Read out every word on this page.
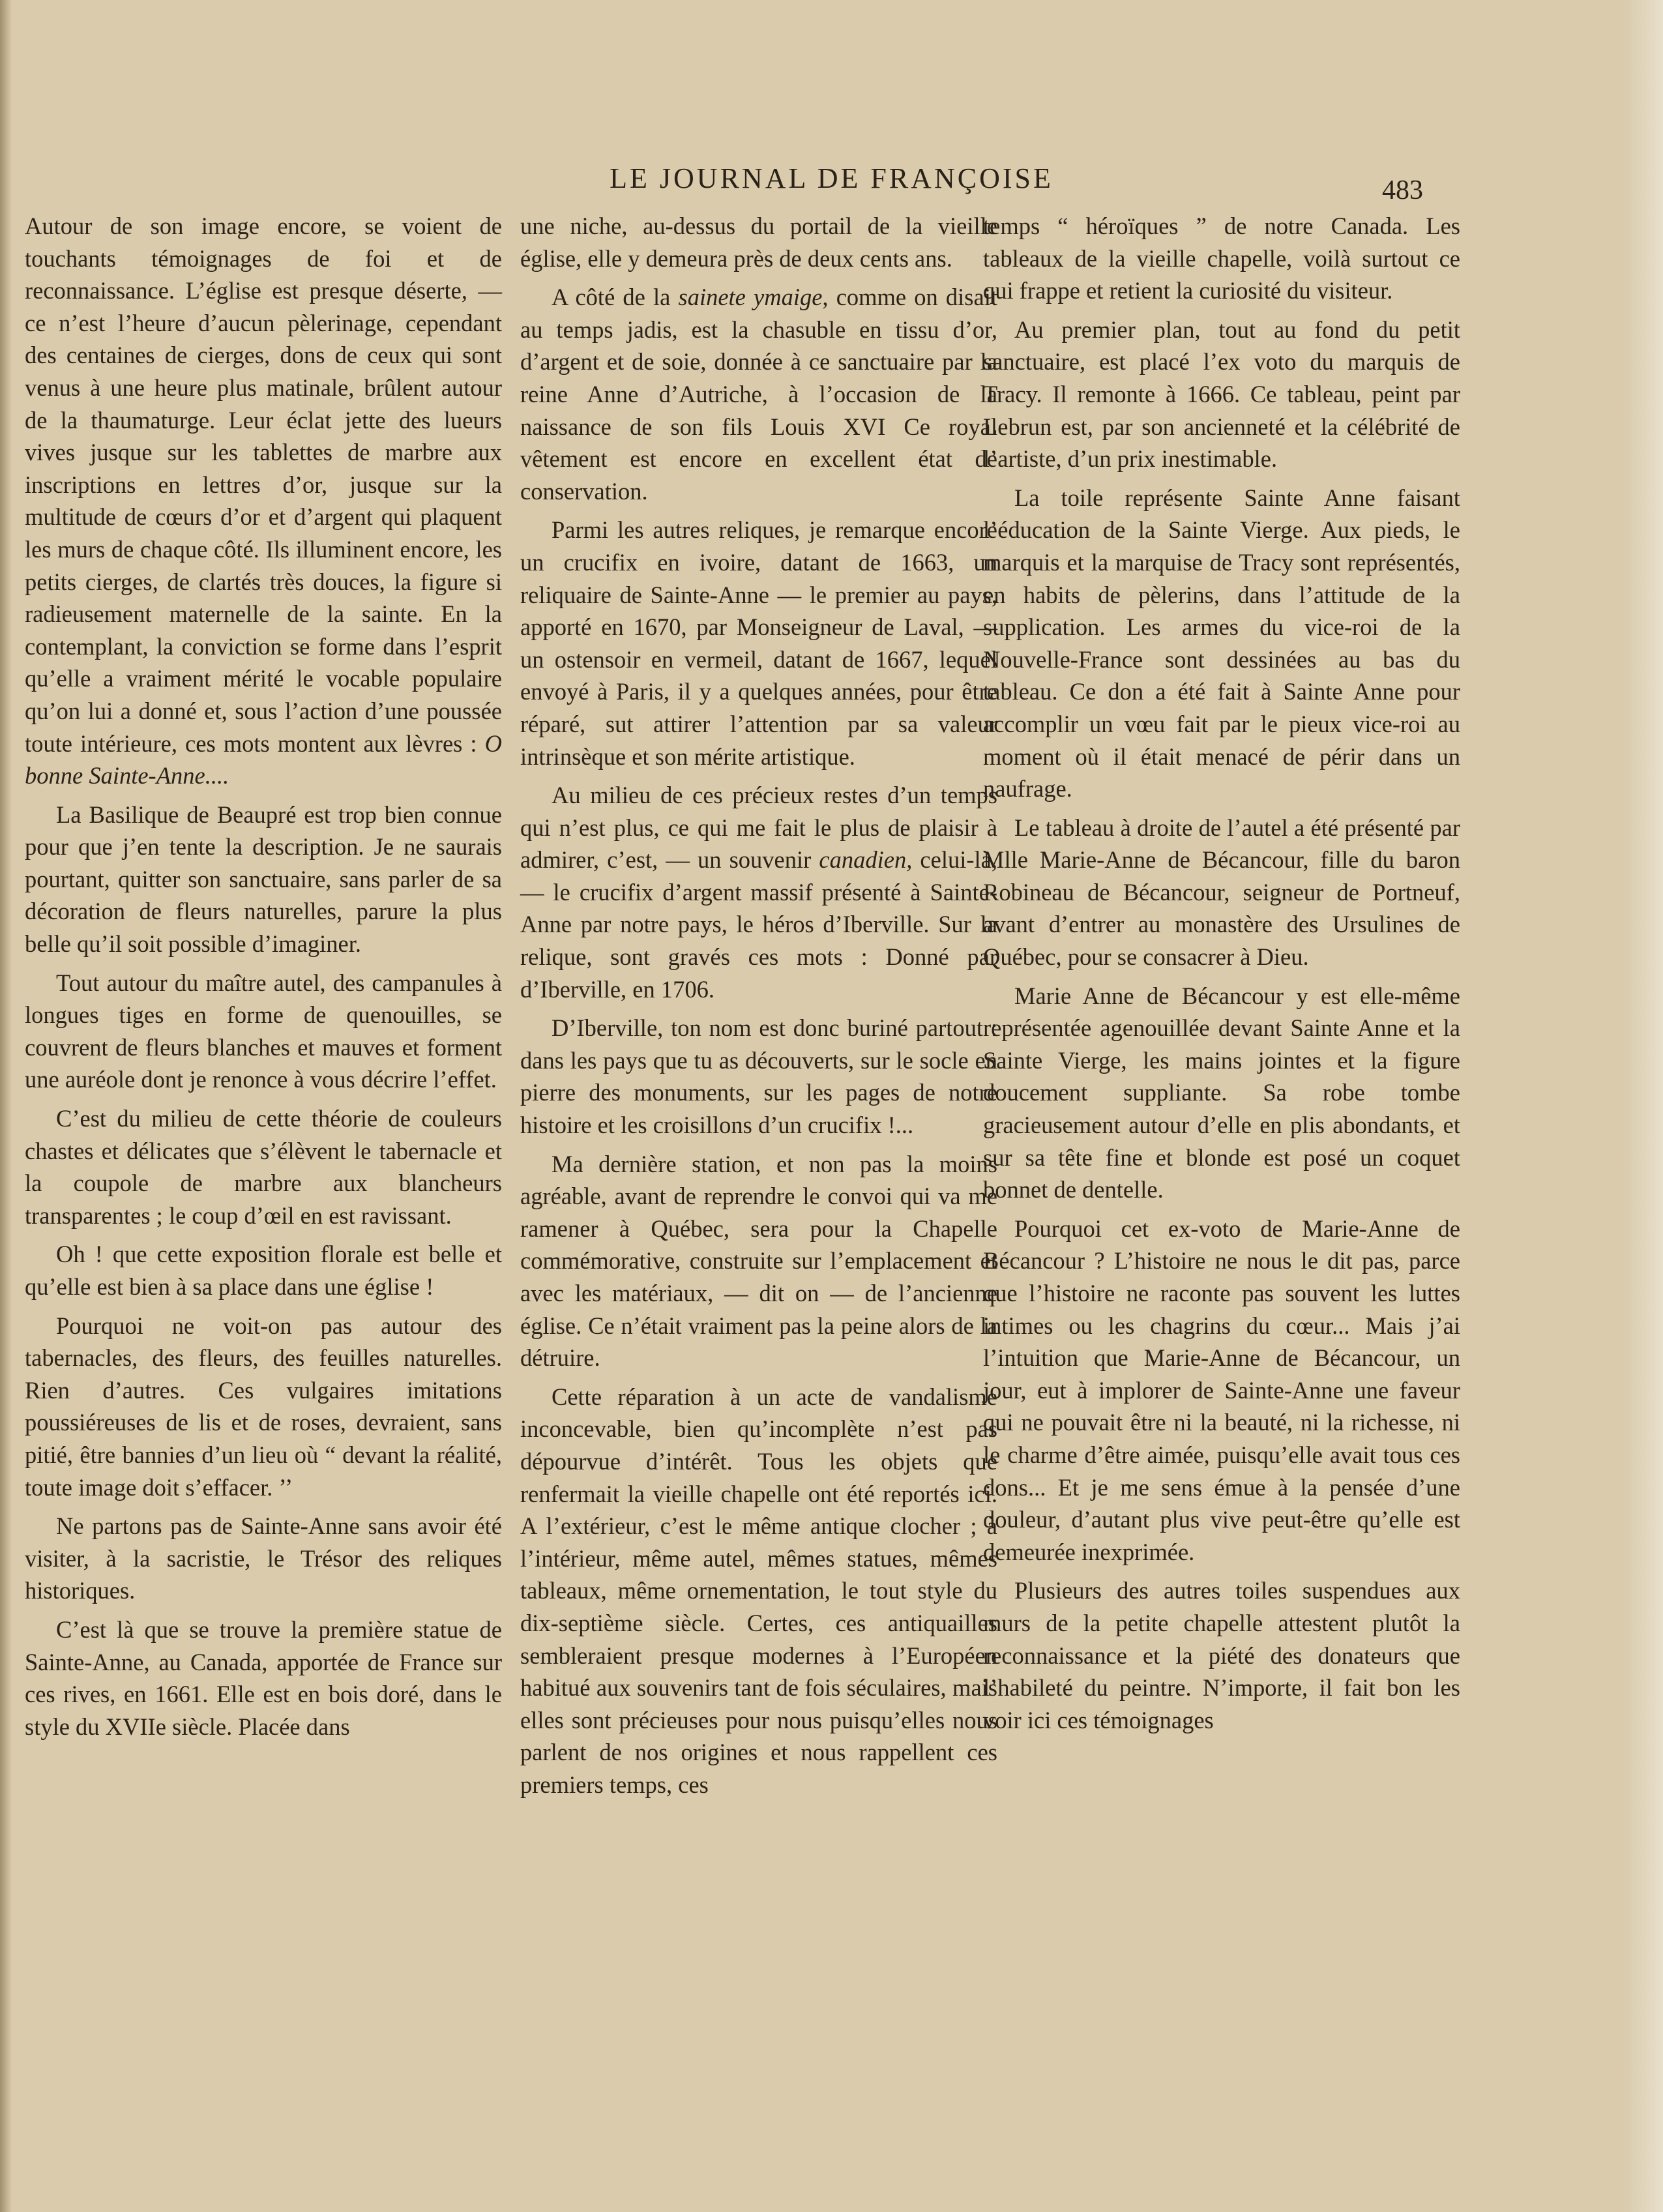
LE JOURNAL DE FRANÇOISE	483

Autour de son image encore, se voient de touchants témoignages de foi et de reconnaissance. L’église est presque déserte, — ce n’est l’heure d’aucun pèlerinage, cependant des centaines de cierges, dons de ceux qui sont venus à une heure plus matinale, brûlent autour de la thaumaturge. Leur éclat jette des lueurs vives jusque sur les tablettes de marbre aux inscriptions en lettres d’or, jusque sur la multitude de cœurs d’or et d’argent qui plaquent les murs de chaque côté. Ils illuminent encore, les petits cierges, de clartés très douces, la figure si radieusement maternelle de la sainte. En la contemplant, la conviction se forme dans l’esprit qu’elle a vraiment mérité le vocable populaire qu’on lui a donné et, sous l’action d’une poussée toute intérieure, ces mots montent aux lèvres : O bonne Sainte-Anne....

La Basilique de Beaupré est trop bien connue pour que j’en tente la description. Je ne saurais pourtant, quitter son sanctuaire, sans parler de sa décoration de fleurs naturelles, parure la plus belle qu’il soit possible d’imaginer.

Tout autour du maître autel, des campanules à longues tiges en forme de quenouilles, se couvrent de fleurs blanches et mauves et forment une auréole dont je renonce à vous décrire l’effet.

C’est du milieu de cette théorie de couleurs chastes et délicates que s’élèvent le tabernacle et la coupole de marbre aux blancheurs transparentes ; le coup d’œil en est ravissant.

Oh ! que cette exposition florale est belle et qu’elle est bien à sa place dans une église !

Pourquoi ne voit-on pas autour des tabernacles, des fleurs, des feuilles naturelles. Rien d’autres. Ces vulgaires imitations poussiéreuses de lis et de roses, devraient, sans pitié, être bannies d’un lieu où “ devant la réalité, toute image doit s’effacer. ’’

Ne partons pas de Sainte-Anne sans avoir été visiter, à la sacristie, le Trésor des reliques historiques.

C’est là que se trouve la première statue de Sainte-Anne, au Canada, apportée de France sur ces rives, en 1661. Elle est en bois doré, dans le style du XVIIe siècle. Placée dans

une niche, au-dessus du portail de la vieille église, elle y demeura près de deux cents ans.

A côté de la sainete ymaige, comme on disait au temps jadis, est la chasuble en tissu d’or, d’argent et de soie, donnée à ce sanctuaire par la reine Anne d’Autriche, à l’occasion de la naissance de son fils Louis XVI Ce royal vêtement est encore en excellent état de conservation.

Parmi les autres reliques, je remarque encore un crucifix en ivoire, datant de 1663, un reliquaire de Sainte-Anne — le premier au pays, apporté en 1670, par Monseigneur de Laval, — un ostensoir en vermeil, datant de 1667, lequel envoyé à Paris, il y a quelques années, pour être réparé, sut attirer l’attention par sa valeur intrinsèque et son mérite artistique.

Au milieu de ces précieux restes d’un temps qui n’est plus, ce qui me fait le plus de plaisir à admirer, c’est, — un souvenir canadien, celui-là, — le crucifix d’argent massif présenté à Sainte-Anne par notre pays, le héros d’Iberville. Sur la relique, sont gravés ces mots : Donné par d’Iberville, en 1706.

D’Iberville, ton nom est donc buriné partout : dans les pays que tu as découverts, sur le socle en pierre des monuments, sur les pages de notre histoire et les croisillons d’un crucifix !...

Ma dernière station, et non pas la moins agréable, avant de reprendre le convoi qui va me ramener à Québec, sera pour la Chapelle commémorative, construite sur l’emplacement et avec les matériaux, — dit on — de l’ancienne église. Ce n’était vraiment pas la peine alors de la détruire.

Cette réparation à un acte de vandalisme inconcevable, bien qu’incomplète n’est pas dépourvue d’intérêt. Tous les objets que renfermait la vieille chapelle ont été reportés ici. A l’extérieur, c’est le même antique clocher ; à l’intérieur, même autel, mêmes statues, mêmes tableaux, même ornementation, le tout style du dix-septième siècle. Certes, ces antiquailles sembleraient presque modernes à l’Européen habitué aux souvenirs tant de fois séculaires, mais elles sont précieuses pour nous puisqu’elles nous parlent de nos origines et nous rappellent ces premiers temps, ces

temps “ héroïques ” de notre Canada. Les tableaux de la vieille chapelle, voilà surtout ce qui frappe et retient la curiosité du visiteur.

Au premier plan, tout au fond du petit sanctuaire, est placé l’ex voto du marquis de Tracy. Il remonte à 1666. Ce tableau, peint par Lebrun est, par son ancienneté et la célébrité de l’artiste, d’un prix inestimable.

La toile représente Sainte Anne faisant l’éducation de la Sainte Vierge. Aux pieds, le marquis et la marquise de Tracy sont représentés, en habits de pèlerins, dans l’attitude de la supplication. Les armes du vice-roi de la Nouvelle-France sont dessinées au bas du tableau. Ce don a été fait à Sainte Anne pour accomplir un vœu fait par le pieux vice-roi au moment où il était menacé de périr dans un naufrage.

Le tableau à droite de l’autel a été présenté par Mlle Marie-Anne de Bécancour, fille du baron Robineau de Bécancour, seigneur de Portneuf, avant d’entrer au monastère des Ursulines de Québec, pour se consacrer à Dieu.

Marie Anne de Bécancour y est elle-même représentée agenouillée devant Sainte Anne et la Sainte Vierge, les mains jointes et la figure doucement suppliante. Sa robe tombe gracieusement autour d’elle en plis abondants, et sur sa tête fine et blonde est posé un coquet bonnet de dentelle.

Pourquoi cet ex-voto de Marie-Anne de Bécancour ? L’histoire ne nous le dit pas, parce que l’histoire ne raconte pas souvent les luttes intimes ou les chagrins du cœur... Mais j’ai l’intuition que Marie-Anne de Bécancour, un jour, eut à implorer de Sainte-Anne une faveur qui ne pouvait être ni la beauté, ni la richesse, ni le charme d’être aimée, puisqu’elle avait tous ces dons... Et je me sens émue à la pensée d’une douleur, d’autant plus vive peut-être qu’elle est demeurée inexprimée.

Plusieurs des autres toiles suspendues aux murs de la petite chapelle attestent plutôt la reconnaissance et la piété des donateurs que l’habileté du peintre. N’importe, il fait bon les voir ici ces témoignages
